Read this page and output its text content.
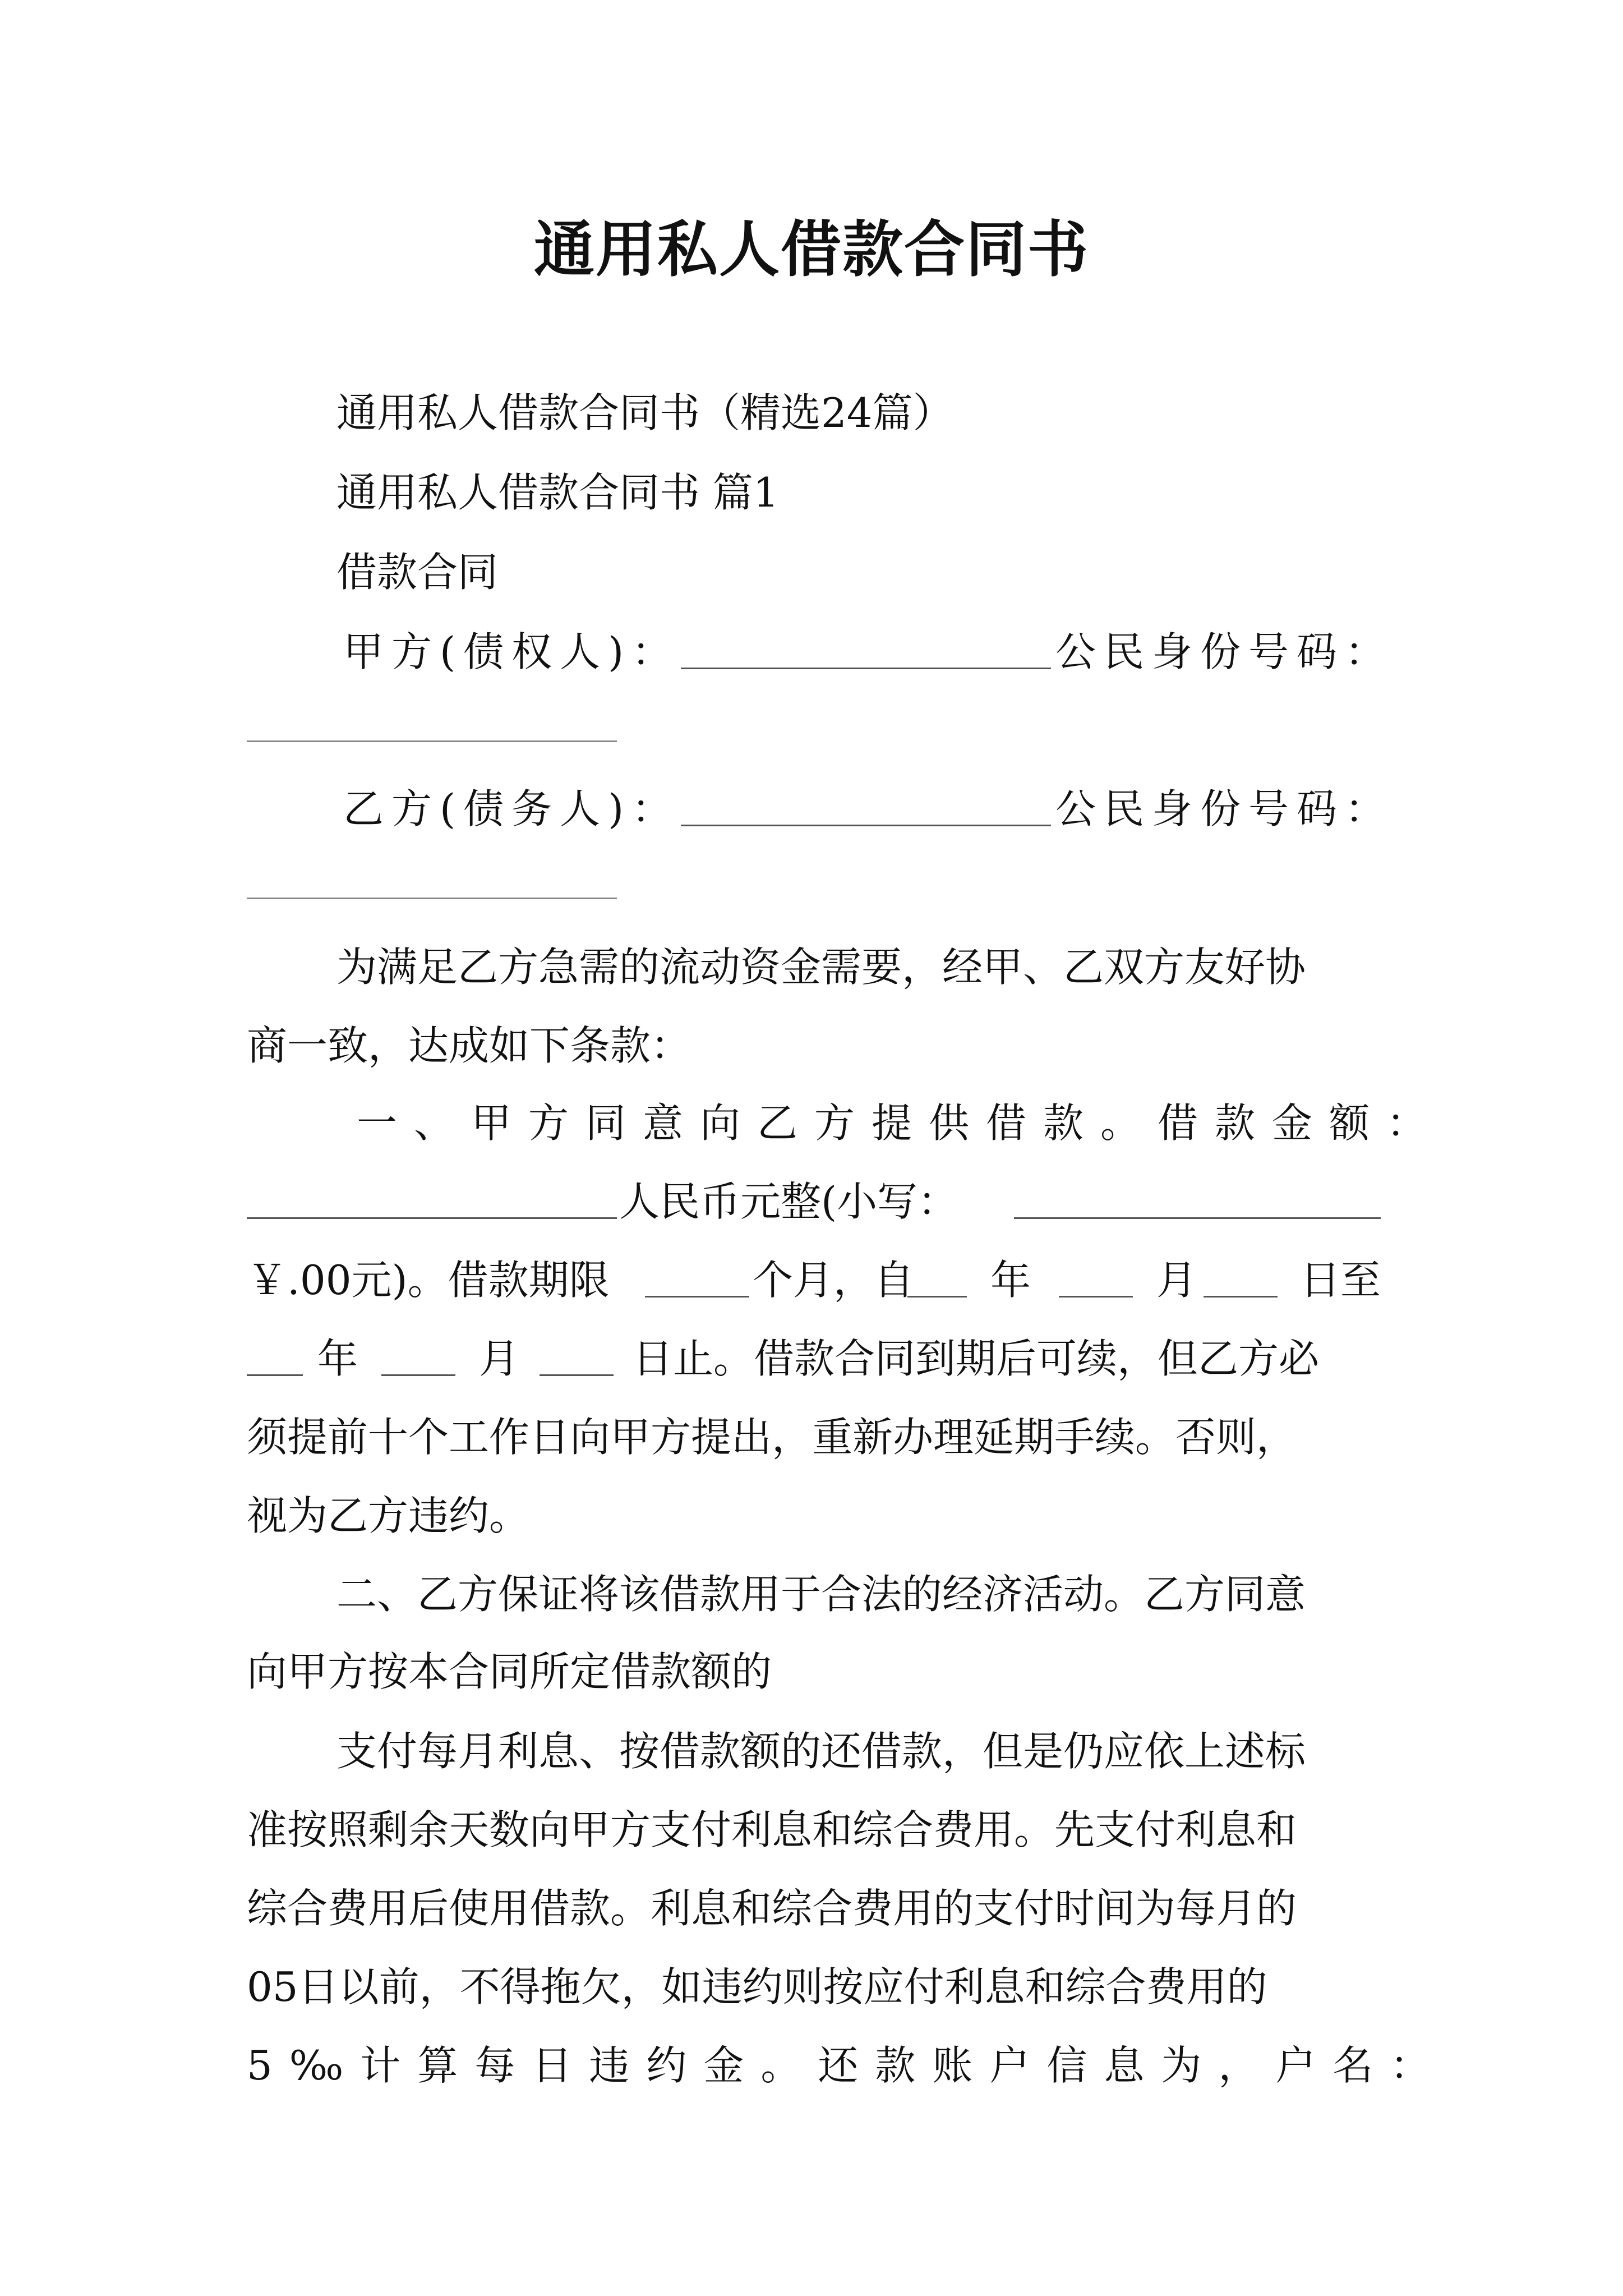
通用私人借款合同书
通用私人借款合同书（精选24篇）
通用私人借款合同书 篇1
借款合同
甲方(债权人)：	公民身份号码：
乙方(债务人)：	公民身份号码：
为满足乙方急需的流动资金需要，经甲、乙双方友好协
商一致，达成如下条款：
一、甲方同意向乙方提供借款。借款金额：
人民币元整(小写：
￥.00元)。借款期限	个月，自 年	月	日至
年	月	日止。借款合同到期后可续，但乙方必
须提前十个工作日向甲方提出，重新办理延期手续。否则，
视为乙方违约。
二、乙方保证将该借款用于合法的经济活动。乙方同意
向甲方按本合同所定借款额的
支付每月利息、按借款额的还借款，但是仍应依上述标
准按照剩余天数向甲方支付利息和综合费用。先支付利息和
综合费用后使用借款。利息和综合费用的支付时间为每月的
05日以前，不得拖欠，如违约则按应付利息和综合费用的
5‰计算每日违约金。还款账户信息为，户名：
